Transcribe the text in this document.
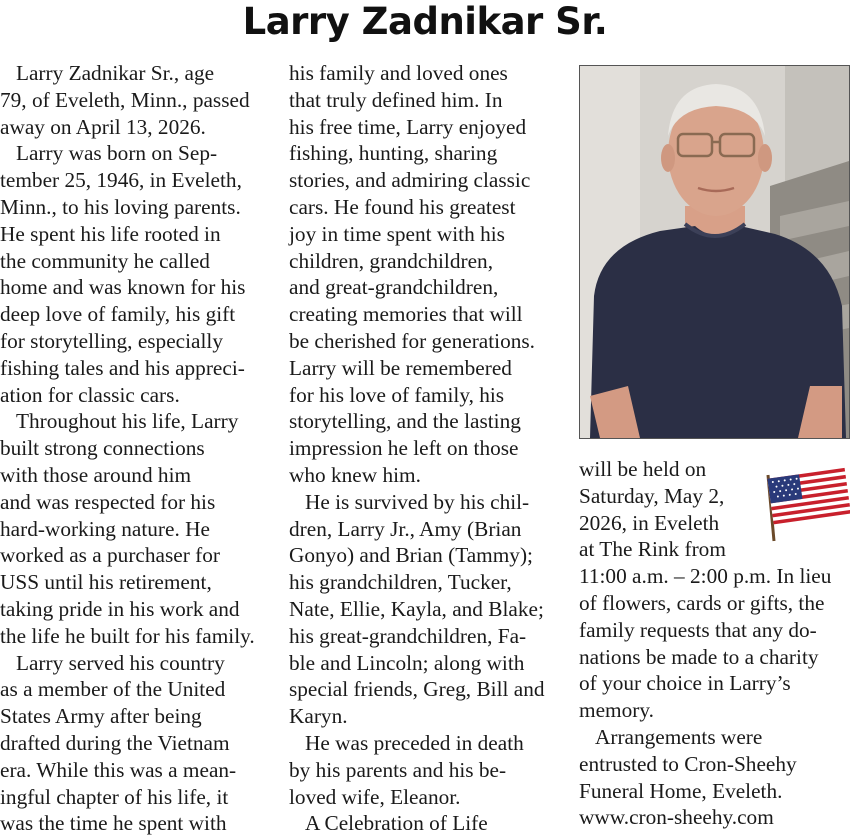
Larry Zadnikar Sr.

Larry Zadnikar Sr., age

79, of Eveleth, Minn., passed

away on April 13, 2026.

Larry was born on Sep-

tember 25, 1946, in Eveleth,

Minn., to his loving parents.

He spent his life rooted in

the community he called

home and was known for his

deep love of family, his gift

for storytelling, especially

fishing tales and his appreci-

ation for classic cars.

Throughout his life, Larry

built strong connections

with those around him

and was respected for his

hard-working nature. He

worked as a purchaser for

USS until his retirement,

taking pride in his work and

the life he built for his family.

Larry served his country

as a member of the United

States Army after being

drafted during the Vietnam

era. While this was a mean-

ingful chapter of his life, it

was the time he spent with

his family and loved ones

that truly defined him. In

his free time, Larry enjoyed

fishing, hunting, sharing

stories, and admiring classic

cars. He found his greatest

joy in time spent with his

children, grandchildren,

and great-grandchildren,

creating memories that will

be cherished for generations.

Larry will be remembered

for his love of family, his

storytelling, and the lasting

impression he left on those

who knew him.

He is survived by his chil-

dren, Larry Jr., Amy (Brian

Gonyo) and Brian (Tammy);

his grandchildren, Tucker,

Nate, Ellie, Kayla, and Blake;

his great-grandchildren, Fa-

ble and Lincoln; along with

special friends, Greg, Bill and

Karyn.

He was preceded in death

by his parents and his be-

loved wife, Eleanor.

A Celebration of Life

will be held on

Saturday, May 2,

2026, in Eveleth

at The Rink from

11:00 a.m. – 2:00 p.m. In lieu

of flowers, cards or gifts, the

family requests that any do-

nations be made to a charity

of your choice in Larry’s

memory.

Arrangements were

entrusted to Cron-Sheehy

Funeral Home, Eveleth.

www.cron-sheehy.com
